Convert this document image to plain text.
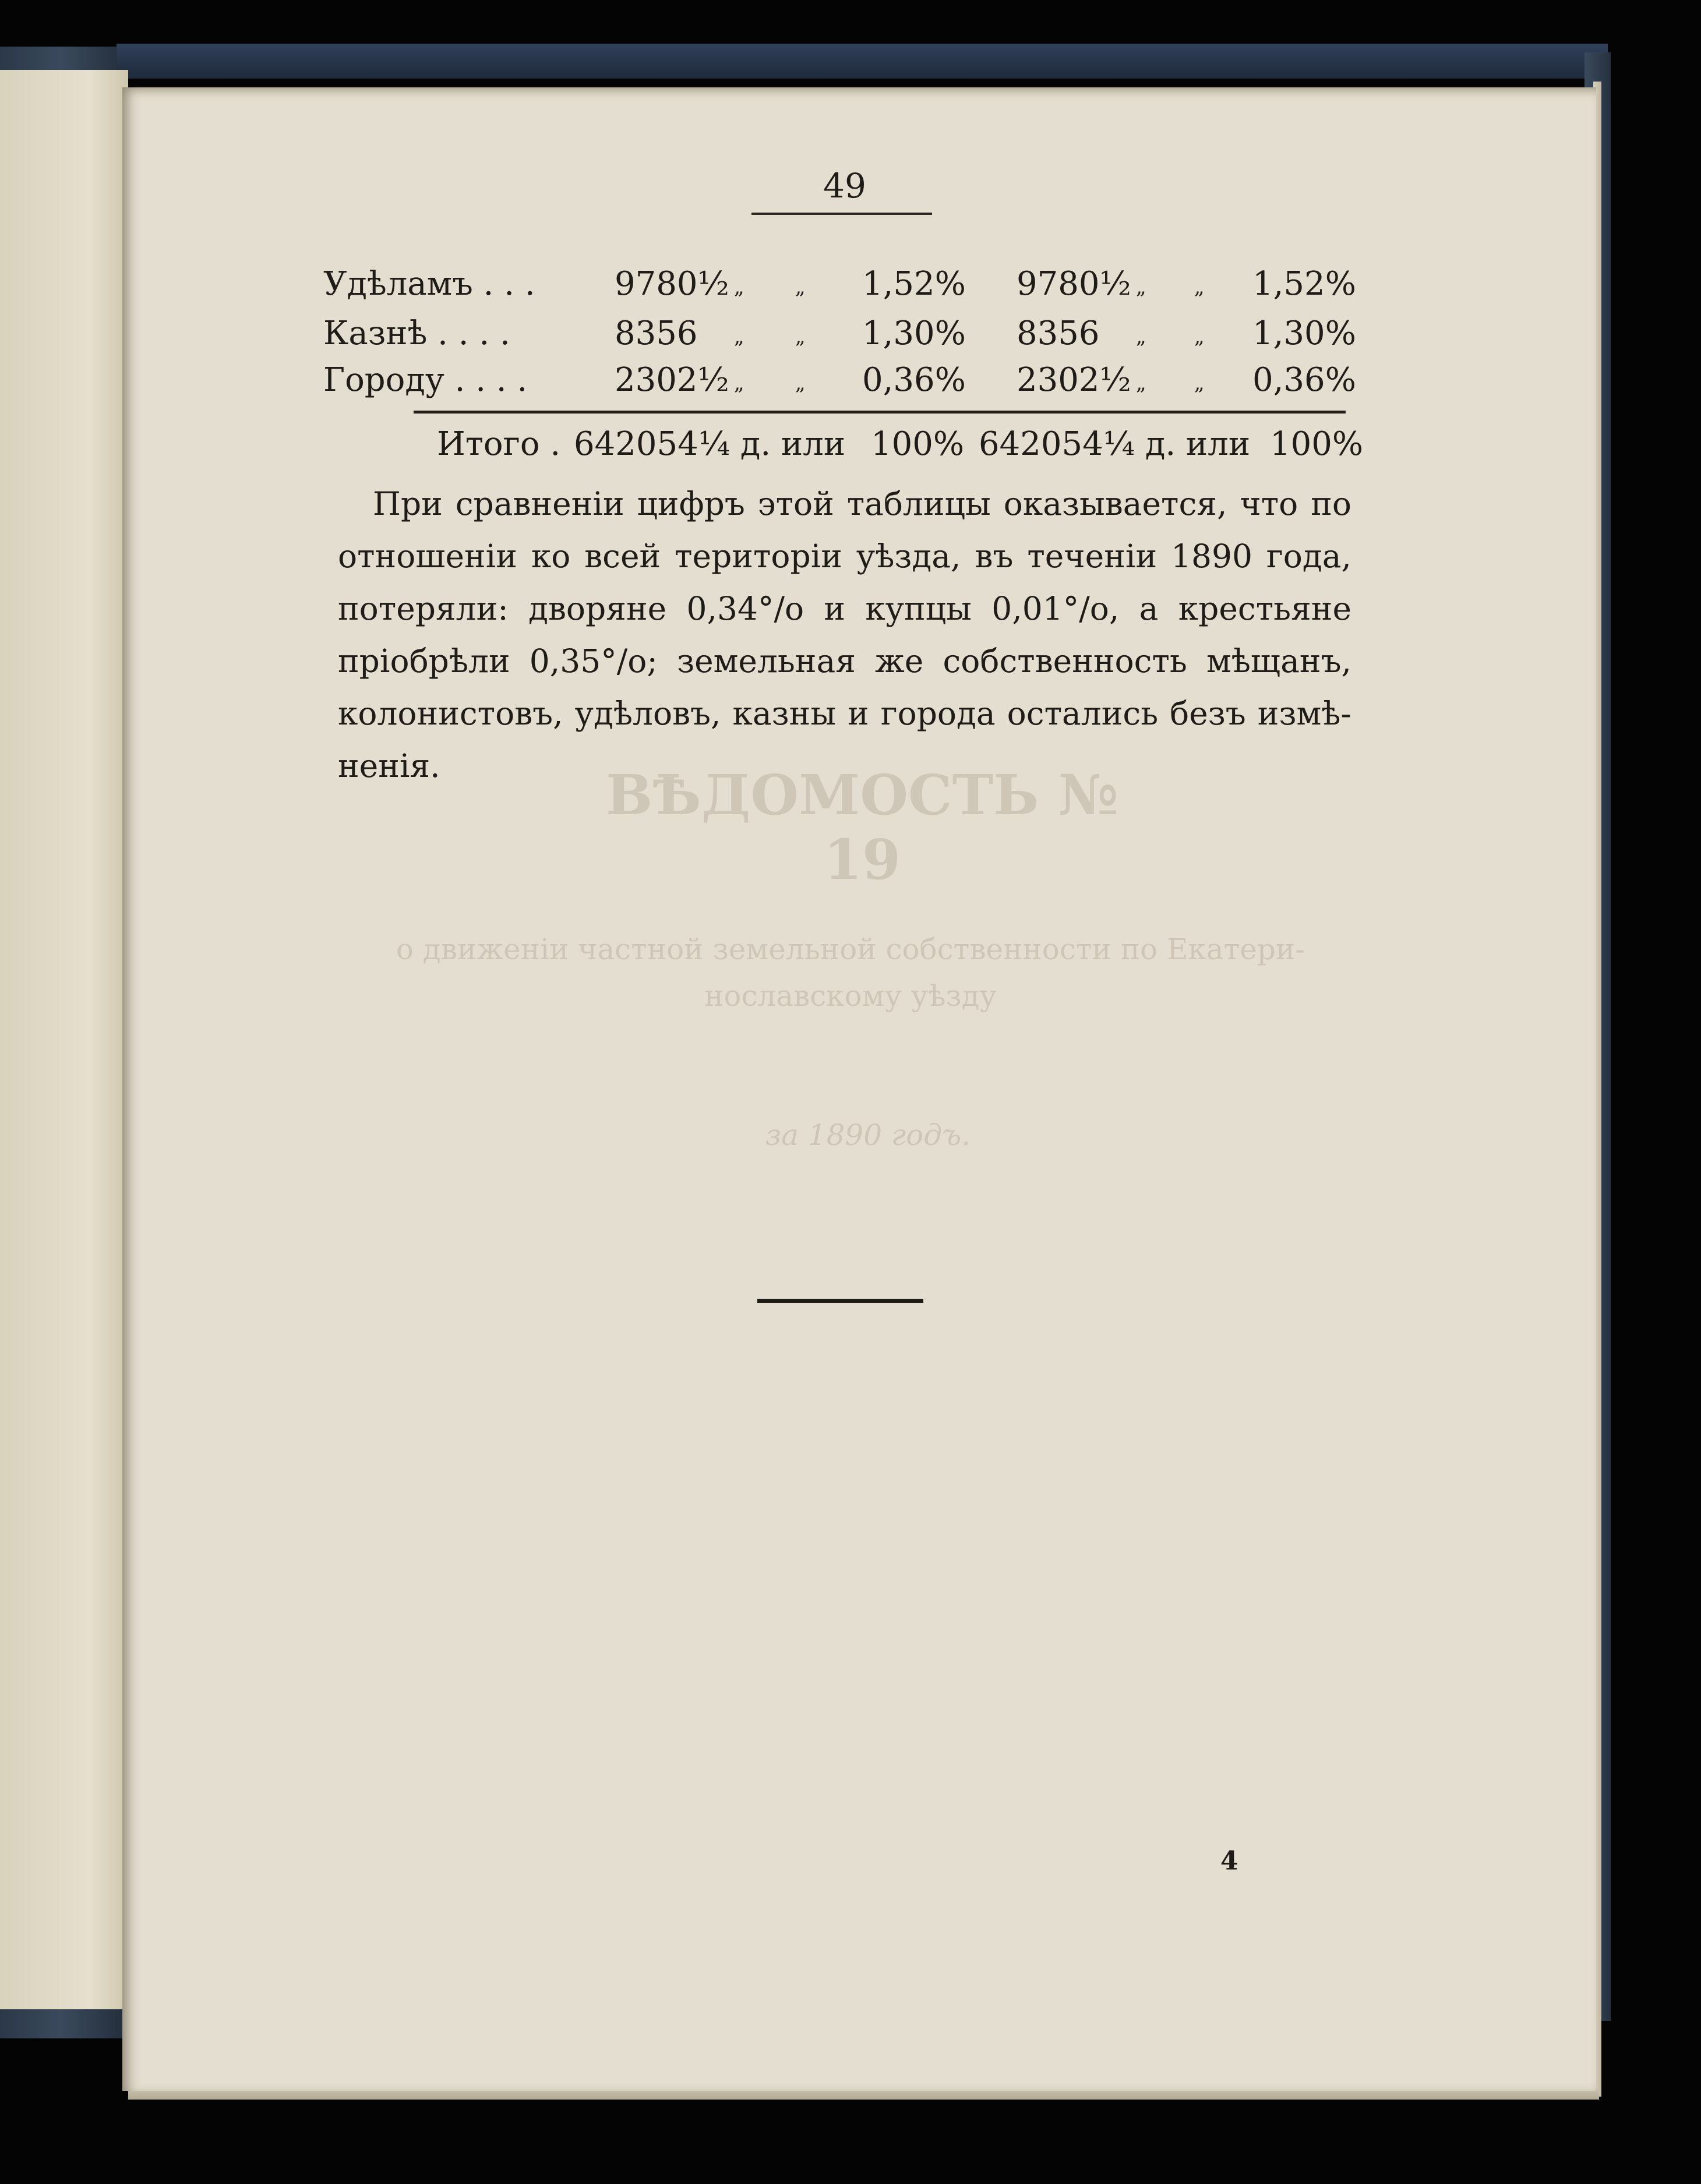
ВѢДОМОСТЬ № 19
о движеніи частной земельной собственности по Екатери-
нославскому уѣзду
за 1890 годъ.
49
Удѣламъ . . . 9780½ „	„ 1,52% 9780½ „ „ 1,52%
Казнѣ . . . .	8356 „	„ 1,30% 8356 „ „ 1,30%
Городу . . . .	2302½ „	„ 0,36% 2302½ „ „ 0,36%
Итого . 642054¼ д. или 100% 642054¼ д. или 100%
При сравненіи цифръ этой таблицы оказывается, что по
отношеніи ко всей територіи уѣзда, въ теченіи 1890 года,
потеряли: дворяне 0,34°/о и купцы 0,01°/о, а крестьяне
пріобрѣли 0,35°/о; земельная же собственность мѣщанъ,
колонистовъ, удѣловъ, казны и города остались безъ измѣ-
ненія.
4
